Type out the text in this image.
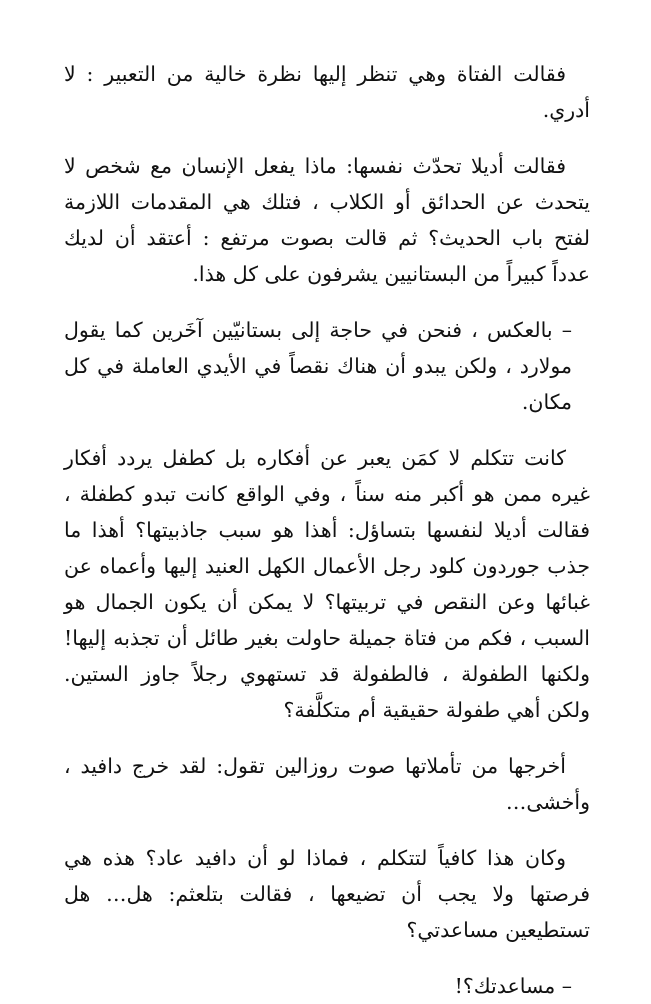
فقالت الفتاة وهي تنظر إليها نظرة خالية من التعبير : لا أدري.

فقالت أديلا تحدّث نفسها: ماذا يفعل الإنسان مع شخص لا يتحدث عن الحدائق أو الكلاب ، فتلك هي المقدمات اللازمة لفتح باب الحديث؟ ثم قالت بصوت مرتفع : أعتقد أن لديك عدداً كبيراً من البستانيين يشرفون على كل هذا.

– بالعكس ، فنحن في حاجة إلى بستانيّين آخَرين كما يقول مولارد ، ولكن يبدو أن هناك نقصاً في الأيدي العاملة في كل مكان.

كانت تتكلم لا كمَن يعبر عن أفكاره بل كطفل يردد أفكار غيره ممن هو أكبر منه سناً ، وفي الواقع كانت تبدو كطفلة ، فقالت أديلا لنفسها بتساؤل: أهذا هو سبب جاذبيتها؟ أهذا ما جذب جوردون كلود رجل الأعمال الكهل العنيد إليها وأعماه عن غبائها وعن النقص في تربيتها؟ لا يمكن أن يكون الجمال هو السبب ، فكم من فتاة جميلة حاولت بغير طائل أن تجذبه إليها! ولكنها الطفولة ، فالطفولة قد تستهوي رجلاً جاوز الستين. ولكن أهي طفولة حقيقية أم متكلَّفة؟

أخرجها من تأملاتها صوت روزالين تقول: لقد خرج دافيد ، وأخشى…

وكان هذا كافياً لتتكلم ، فماذا لو أن دافيد عاد؟ هذه هي فرصتها ولا يجب أن تضيعها ، فقالت بتلعثم: هل… هل تستطيعين مساعدتي؟

– مساعدتك؟!
